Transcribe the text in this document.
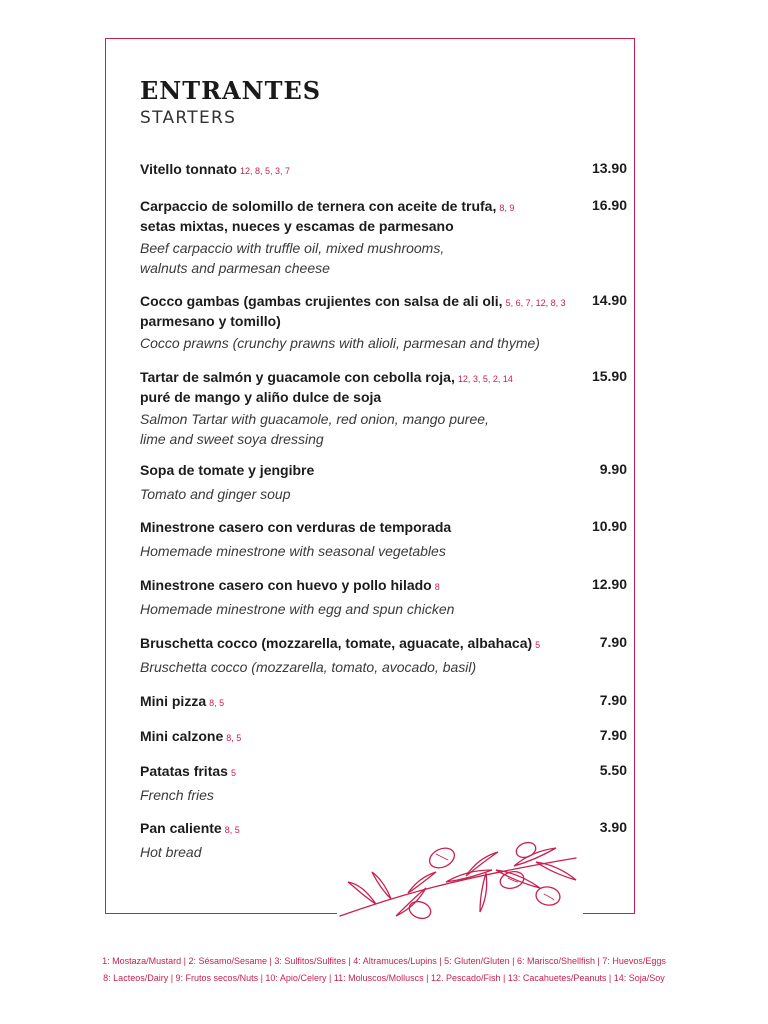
ENTRANTES
STARTERS
Vitello tonnato 12, 8, 5, 3, 7	13.90
Carpaccio de solomillo de ternera con aceite de trufa, 8, 9
setas mixtas, nueces y escamas de parmesano
Beef carpaccio with truffle oil, mixed mushrooms,
walnuts and parmesan cheese
16.90
Cocco gambas (gambas crujientes con salsa de ali oli, 5, 6, 7, 12, 8, 3
parmesano y tomillo)
Cocco prawns (crunchy prawns with alioli, parmesan and thyme)
14.90
Tartar de salmón y guacamole con cebolla roja, 12, 3, 5, 2, 14
puré de mango y aliño dulce de soja
Salmon Tartar with guacamole, red onion, mango puree,
lime and sweet soya dressing
15.90
Sopa de tomate y jengibre
Tomato and ginger soup
9.90
Minestrone casero con verduras de temporada
Homemade minestrone with seasonal vegetables
10.90
Minestrone casero con huevo y pollo hilado 8
Homemade minestrone with egg and spun chicken
12.90
Bruschetta cocco (mozzarella, tomate, aguacate, albahaca) 5
Bruschetta cocco (mozzarella, tomato, avocado, basil)
7.90
Mini pizza 8, 5	7.90
Mini calzone 8, 5	7.90
Patatas fritas 5
French fries
5.50
Pan caliente 8, 5
Hot bread
3.90
1: Mostaza/Mustard | 2: Sésamo/Sesame | 3: Sulfitos/Sulfites | 4: Altramuces/Lupins | 5: Gluten/Gluten | 6: Marisco/Shellfish | 7: Huevos/Eggs
8: Lacteos/Dairy | 9: Frutos secos/Nuts | 10: Apio/Celery | 11: Moluscos/Molluscs | 12. Pescado/Fish | 13: Cacahuetes/Peanuts | 14: Soja/Soy
